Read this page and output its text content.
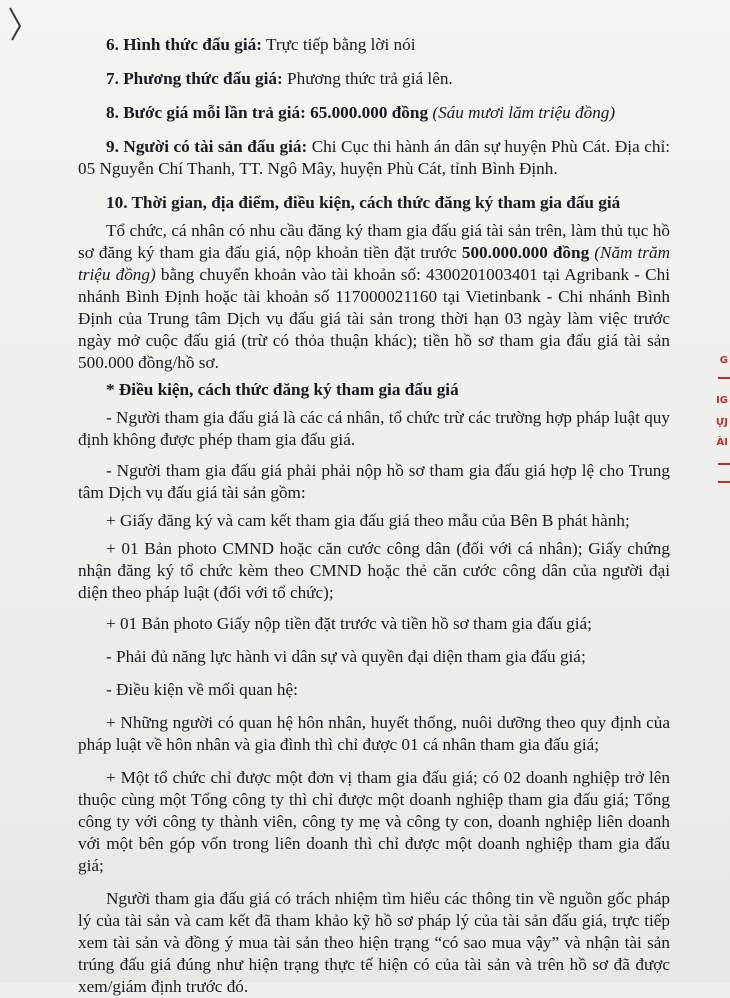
6. Hình thức đấu giá: Trực tiếp bằng lời nói

7. Phương thức đấu giá: Phương thức trả giá lên.

8. Bước giá mỗi lần trả giá: 65.000.000 đồng (Sáu mươi lăm triệu đồng)

9. Người có tài sản đấu giá: Chi Cục thi hành án dân sự huyện Phù Cát. Địa chỉ: 05 Nguyễn Chí Thanh, TT. Ngô Mây, huyện Phù Cát, tỉnh Bình Định.

10. Thời gian, địa điểm, điều kiện, cách thức đăng ký tham gia đấu giá

Tổ chức, cá nhân có nhu cầu đăng ký tham gia đấu giá tài sản trên, làm thủ tục hồ sơ đăng ký tham gia đấu giá, nộp khoản tiền đặt trước 500.000.000 đồng (Năm trăm triệu đồng) bằng chuyển khoản vào tài khoản số: 4300201003401 tại Agribank - Chi nhánh Bình Định hoặc tài khoản số 117000021160 tại Vietinbank - Chi nhánh Bình Định của Trung tâm Dịch vụ đấu giá tài sản trong thời hạn 03 ngày làm việc trước ngày mở cuộc đấu giá (trừ có thỏa thuận khác); tiền hồ sơ tham gia đấu giá tài sản 500.000 đồng/hồ sơ.

* Điều kiện, cách thức đăng ký tham gia đấu giá

- Người tham gia đấu giá là các cá nhân, tổ chức trừ các trường hợp pháp luật quy định không được phép tham gia đấu giá.

- Người tham gia đấu giá phải phải nộp hồ sơ tham gia đấu giá hợp lệ cho Trung tâm Dịch vụ đấu giá tài sản gồm:

+ Giấy đăng ký và cam kết tham gia đấu giá theo mẫu của Bên B phát hành;

+ 01 Bản photo CMND hoặc căn cước công dân (đối với cá nhân); Giấy chứng nhận đăng ký tổ chức kèm theo CMND hoặc thẻ căn cước công dân của người đại diện theo pháp luật (đối với tổ chức);

+ 01 Bản photo Giấy nộp tiền đặt trước và tiền hồ sơ tham gia đấu giá;

- Phải đủ năng lực hành vi dân sự và quyền đại diện tham gia đấu giá;

- Điều kiện về mối quan hệ:

+ Những người có quan hệ hôn nhân, huyết thống, nuôi dưỡng theo quy định của pháp luật về hôn nhân và gia đình thì chỉ được 01 cá nhân tham gia đấu giá;

+ Một tổ chức chỉ được một đơn vị tham gia đấu giá; có 02 doanh nghiệp trở lên thuộc cùng một Tổng công ty thì chỉ được một doanh nghiệp tham gia đấu giá; Tổng công ty với công ty thành viên, công ty mẹ và công ty con, doanh nghiệp liên doanh với một bên góp vốn trong liên doanh thì chỉ được một doanh nghiệp tham gia đấu giá;

Người tham gia đấu giá có trách nhiệm tìm hiểu các thông tin về nguồn gốc pháp lý của tài sản và cam kết đã tham khảo kỹ hồ sơ pháp lý của tài sản đấu giá, trực tiếp xem tài sản và đồng ý mua tài sản theo hiện trạng “có sao mua vậy” và nhận tài sản trúng đấu giá đúng như hiện trạng thực tế hiện có của tài sản và trên hồ sơ đã được xem/giám định trước đó.

G
IG
ỰJ
ÀI
